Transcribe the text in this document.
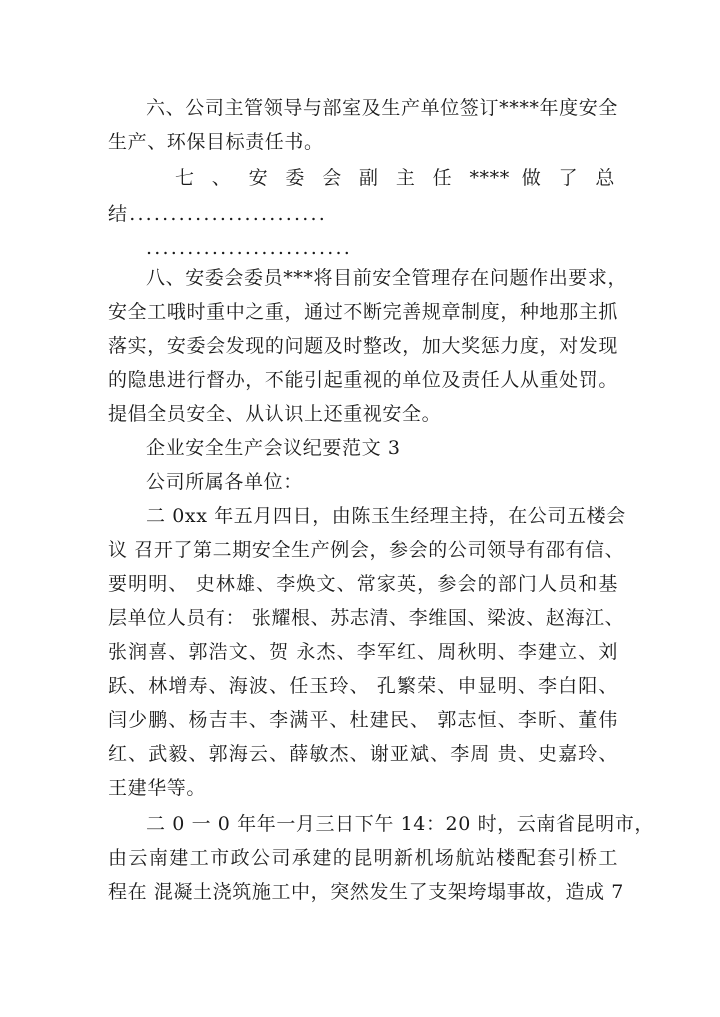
六、公司主管领导与部室及生产单位签订****年度安全
生产、环保目标责任书。
七 、 安 委 会 副 主 任 **** 做 了 总
结........................
.........................
八、安委会委员***将目前安全管理存在问题作出要求，
安全工哦时重中之重，通过不断完善规章制度，种地那主抓
落实，安委会发现的问题及时整改，加大奖惩力度，对发现
的隐患进行督办，不能引起重视的单位及责任人从重处罚。
提倡全员安全、从认识上还重视安全。
企业安全生产会议纪要范文 3
公司所属各单位：
二 0xx 年五月四日，由陈玉生经理主持，在公司五楼会
议 召开了第二期安全生产例会，参会的公司领导有邵有信、
要明明、 史林雄、李焕文、常家英，参会的部门人员和基
层单位人员有： 张耀根、苏志清、李维国、梁波、赵海江、
张润喜、郭浩文、贺 永杰、李军红、周秋明、李建立、刘
跃、林增寿、海波、任玉玲、 孔繁荣、申显明、李白阳、
闫少鹏、杨吉丰、李满平、杜建民、 郭志恒、李昕、董伟
红、武毅、郭海云、薛敏杰、谢亚斌、李周 贵、史嘉玲、
王建华等。
二 0 一 0 年年一月三日下午 14：20 时，云南省昆明市，
由云南建工市政公司承建的昆明新机场航站楼配套引桥工
程在 混凝土浇筑施工中，突然发生了支架垮塌事故，造成 7
